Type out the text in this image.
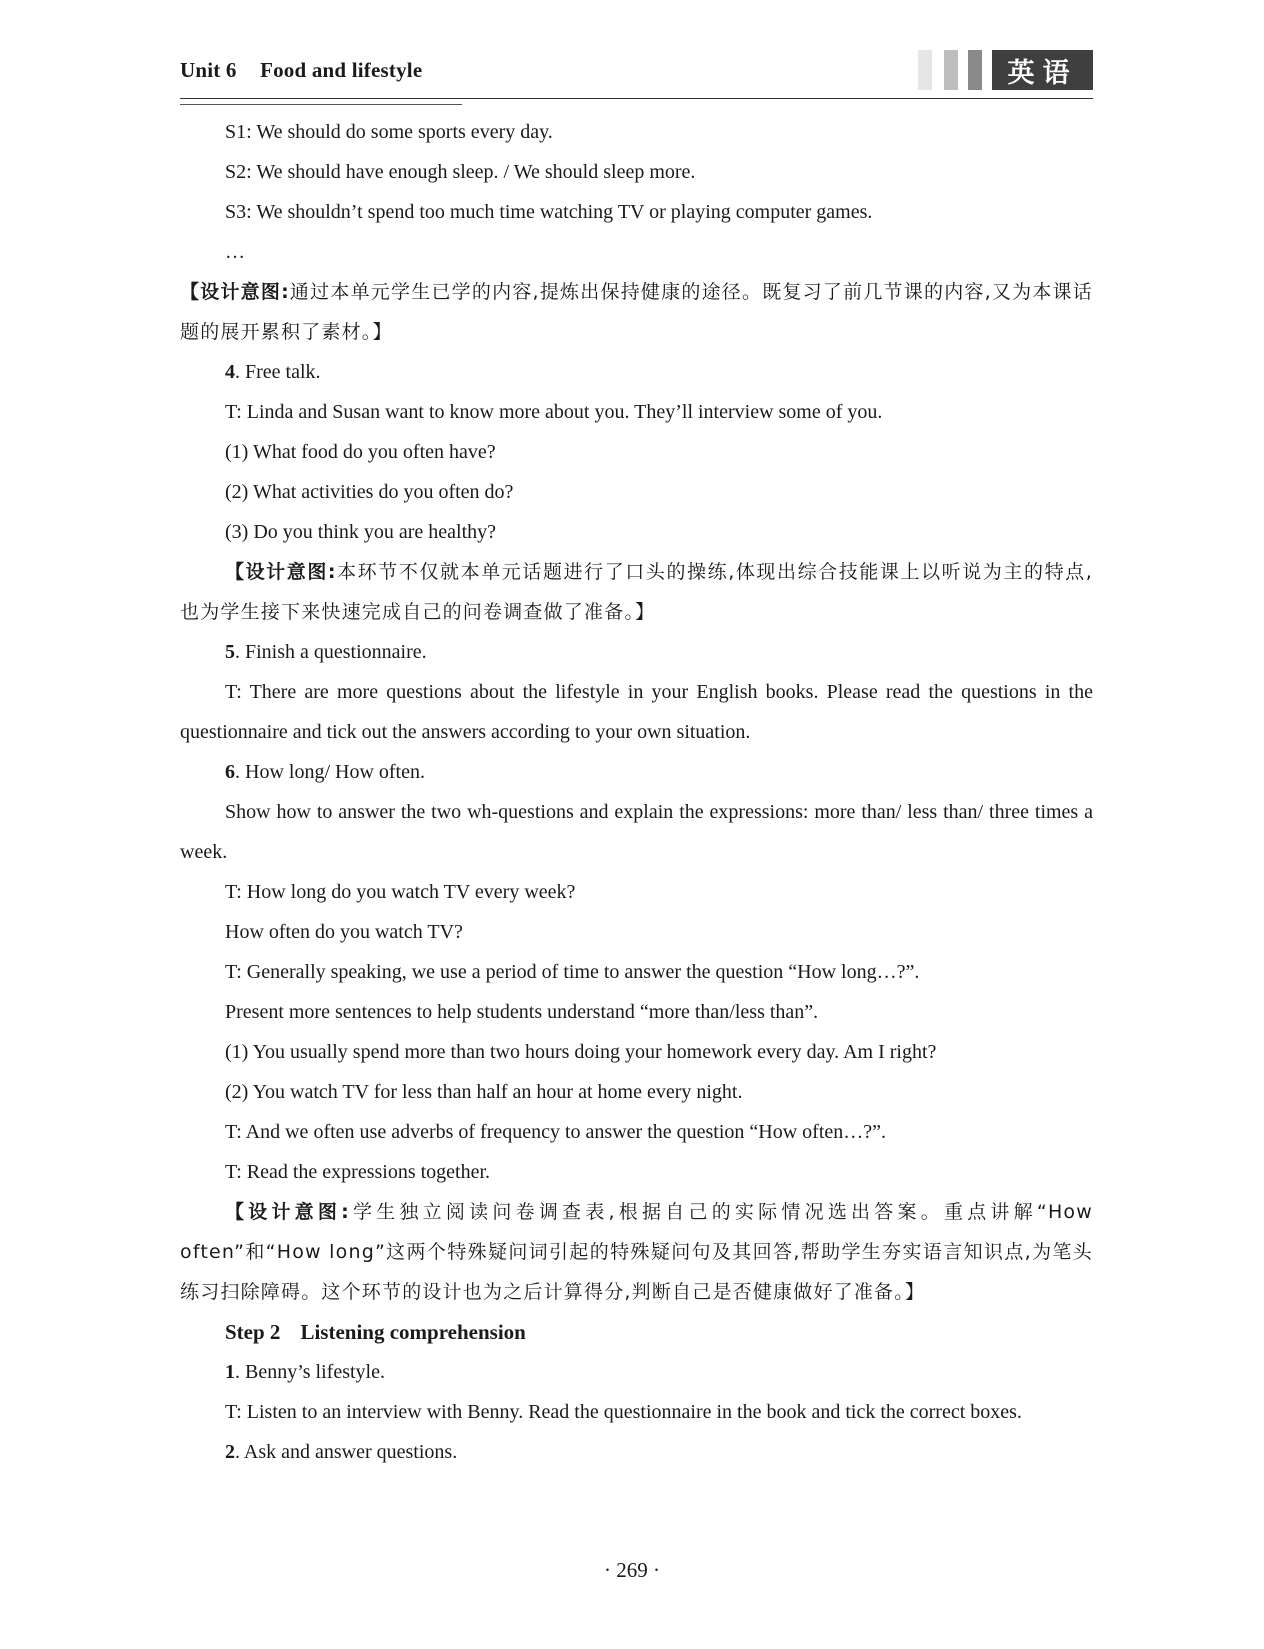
Unit 6 Food and lifestyle	英语

S1: We should do some sports every day.

S2: We should have enough sleep. / We should sleep more.

S3: We shouldn’t spend too much time watching TV or playing computer games.

…

【设计意图:通过本单元学生已学的内容,提炼出保持健康的途径。既复习了前几节课的内容,又为本课话题的展开累积了素材。】

4. Free talk.

T: Linda and Susan want to know more about you. They’ll interview some of you.

(1) What food do you often have?

(2) What activities do you often do?

(3) Do you think you are healthy?

【设计意图:本环节不仅就本单元话题进行了口头的操练,体现出综合技能课上以听说为主的特点,也为学生接下来快速完成自己的问卷调查做了准备。】

5. Finish a questionnaire.

T: There are more questions about the lifestyle in your English books. Please read the questions in the questionnaire and tick out the answers according to your own situation.

6. How long/ How often.

Show how to answer the two wh-questions and explain the expressions: more than/ less than/ three times a week.

T: How long do you watch TV every week?

How often do you watch TV?

T: Generally speaking, we use a period of time to answer the question “How long…?”.

Present more sentences to help students understand “more than/less than”.

(1) You usually spend more than two hours doing your homework every day. Am I right?

(2) You watch TV for less than half an hour at home every night.

T: And we often use adverbs of frequency to answer the question “How often…?”.

T: Read the expressions together.

【设计意图:学生独立阅读问卷调查表,根据自己的实际情况选出答案。重点讲解“How often”和“How long”这两个特殊疑问词引起的特殊疑问句及其回答,帮助学生夯实语言知识点,为笔头练习扫除障碍。这个环节的设计也为之后计算得分,判断自己是否健康做好了准备。】

Step 2 Listening comprehension

1. Benny’s lifestyle.

T: Listen to an interview with Benny. Read the questionnaire in the book and tick the correct boxes.

2. Ask and answer questions.

· 269 ·
